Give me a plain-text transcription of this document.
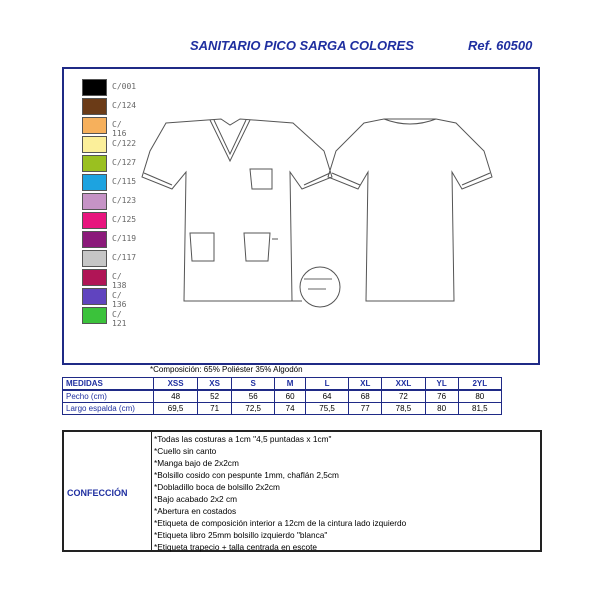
SANITARIO PICO SARGA COLORES	Ref. 60500
C/001
C/124
C/ 116
C/122
C/127
C/115
C/123
C/125
C/119
C/117
C/ 138
C/ 136
C/ 121
*Composición: 65% Poliéster 35% Algodón
MEDIDAS	XSS	XS	S	M	L	XL	XXL	YL	2YL
Pecho (cm)	48	52	56	60	64	68	72	76	80
Largo espalda (cm)	69,5	71	72,5	74	75,5	77	78,5	80	81,5
CONFECCIÓN
*Todas las costuras a 1cm "4,5 puntadas x 1cm"
*Cuello sin canto
*Manga bajo de 2x2cm
*Bolsillo cosido con pespunte 1mm, chaflán 2,5cm
*Dobladillo boca de bolsillo 2x2cm
*Bajo acabado 2x2 cm
*Abertura en costados
*Etiqueta de composición interior a 12cm de la cintura lado izquierdo
*Etiqueta libro 25mm bolsillo izquierdo "blanca"
*Etiqueta trapecio + talla centrada en escote
